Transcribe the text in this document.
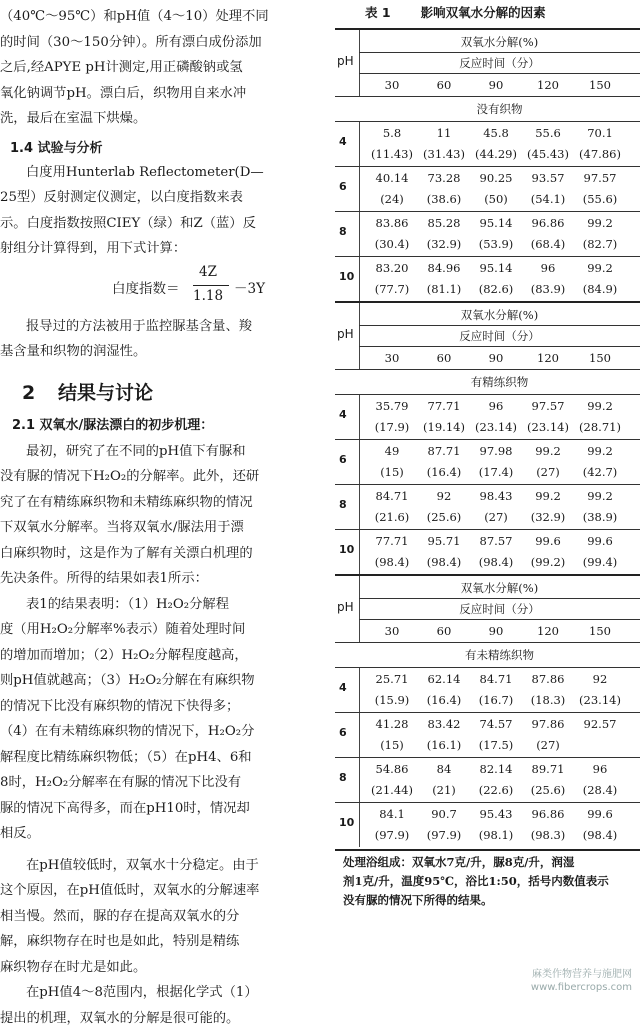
（40℃～95℃）和pH值（4～10）处理不同
的时间（30～150分钟）。所有漂白成份添加
之后,经APYE pH计测定,用正磷酸钠或氢
氧化钠调节pH。漂白后，织物用自来水冲
洗，最后在室温下烘燥。

1.4 试验与分析

白度用Hunterlab Reflectometer(D—
25型）反射测定仪测定，以白度指数来表
示。白度指数按照CIEY（绿）和Z（蓝）反
射组分计算得到，用下式计算：

白度指数＝
4Z
1.18 －3Y

报导过的方法被用于监控脲基含量、羧
基含量和织物的润湿性。

2 结果与讨论

2.1 双氧水/脲法漂白的初步机理：

最初，研究了在不同的pH值下有脲和
没有脲的情况下H₂O₂的分解率。此外，还研
究了在有精练麻织物和未精练麻织物的情况
下双氧水分解率。当将双氧水/脲法用于漂
白麻织物时，这是作为了解有关漂白机理的
先决条件。所得的结果如表1所示：

表1的结果表明：（1）H₂O₂分解程
度（用H₂O₂分解率%表示）随着处理时间
的增加而增加；（2）H₂O₂分解程度越高，
则pH值就越高；（3）H₂O₂分解在有麻织物
的情况下比没有麻织物的情况下快得多；
（4）在有未精练麻织物的情况下，H₂O₂分
解程度比精练麻织物低；（5）在pH4、6和
8时，H₂O₂分解率在有脲的情况下比没有
脲的情况下高得多，而在pH10时，情况却
相反。

在pH值较低时，双氧水十分稳定。由于
这个原因，在pH值低时，双氧水的分解速率
相当慢。然而，脲的存在提高双氧水的分
解，麻织物存在时也是如此，特别是精练
麻织物存在时尤是如此。

在pH值4～8范围内，根据化学式（1）
提出的机理，双氧水的分解是很可能的。

表 1 影响双氧水分解的因素
双氧水分解(%)
pH	反应时间（分）
30	60	90	120	150
没有织物
4
5.8	11	45.8	55.6	70.1
(11.43) (31.43) (44.29) (45.43) (47.86)
6
40.14	73.28	90.25	93.57	97.57
(24)	(38.6)	(50)	(54.1)	(55.6)
8
83.86	85.28	95.14	96.86	99.2
(30.4)	(32.9)	(53.9)	(68.4)	(82.7)
10
83.20	84.96	95.14	96	99.2
(77.7)	(81.1)	(82.6)	(83.9)	(84.9)
双氧水分解(%)
pH	反应时间（分）
30	60	90	120	150
有精练织物
4
35.79	77.71	96	97.57	99.2
(17.9)	(19.14) (23.14) (23.14) (28.71)
6
49	87.71	97.98	99.2	99.2
(15)	(16.4)	(17.4)	(27)	(42.7)
8
84.71	92	98.43	99.2	99.2
(21.6)	(25.6)	(27)	(32.9)	(38.9)
10
77.71	95.71	87.57	99.6	99.6
(98.4)	(98.4)	(98.4)	(99.2)	(99.4)
双氧水分解(%)
pH	反应时间（分）
30	60	90	120	150
有未精练织物
4
25.71	62.14	84.71	87.86	92
(15.9)	(16.4)	(16.7)	(18.3)	(23.14)
6
41.28	83.42	74.57	97.86	92.57
(15)	(16.1)	(17.5)	(27)
8
54.86	84	82.14	89.71	96
(21.44)	(21)	(22.6)	(25.6)	(28.4)
10
84.1	90.7	95.43	96.86	99.6
(97.9)	(97.9)	(98.1)	(98.3)	(98.4)

处理浴组成：双氧水7克/升，脲8克/升，润湿
剂1克/升，温度95℃，浴比1:50，括号内数值表示
没有脲的情况下所得的结果。

麻类作物营养与施肥网
www.fibercrops.com
